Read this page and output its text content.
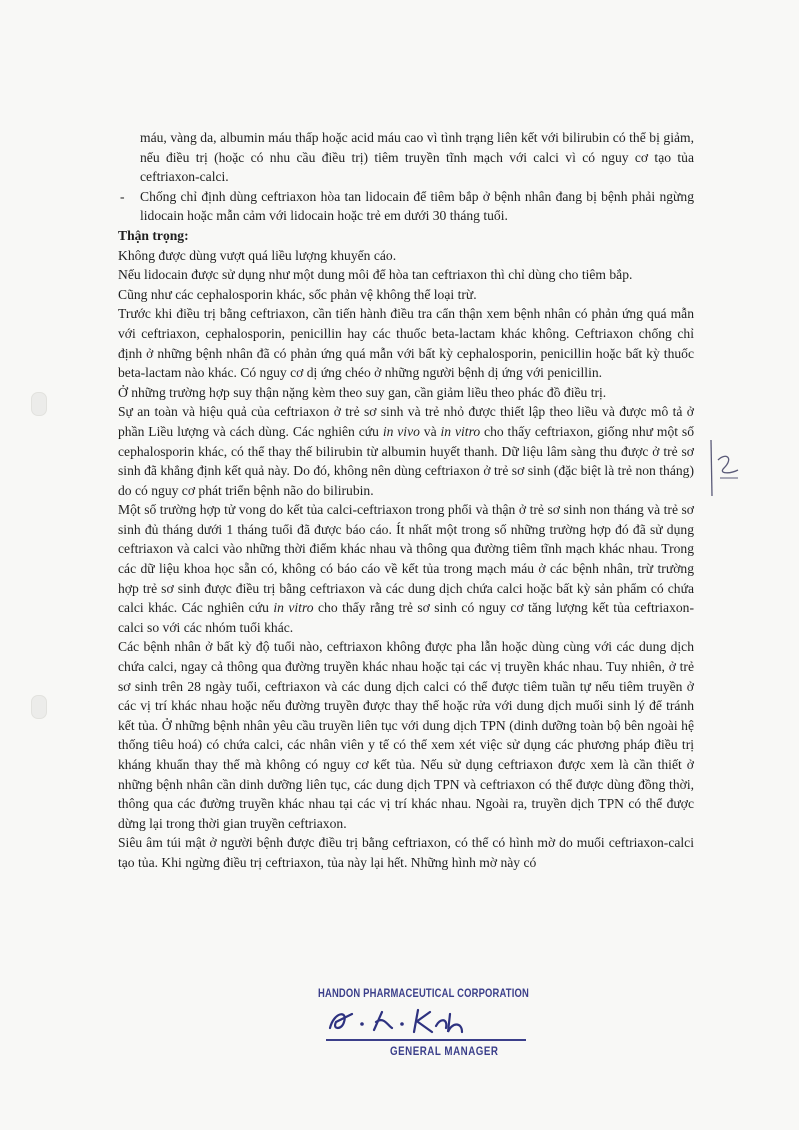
máu, vàng da, albumin máu thấp hoặc acid máu cao vì tình trạng liên kết với bilirubin có thể bị giảm, nếu điều trị (hoặc có nhu cầu điều trị) tiêm truyền tĩnh mạch với calci vì có nguy cơ tạo tủa ceftriaxon-calci.

- Chống chỉ định dùng ceftriaxon hòa tan lidocain để tiêm bắp ở bệnh nhân đang bị bệnh phải ngừng lidocain hoặc mẫn cảm với lidocain hoặc trẻ em dưới 30 tháng tuổi.

Thận trọng:

Không được dùng vượt quá liều lượng khuyến cáo.

Nếu lidocain được sử dụng như một dung môi để hòa tan ceftriaxon thì chỉ dùng cho tiêm bắp.

Cũng như các cephalosporin khác, sốc phản vệ không thể loại trừ.

Trước khi điều trị bằng ceftriaxon, cần tiến hành điều tra cẩn thận xem bệnh nhân có phản ứng quá mẫn với ceftriaxon, cephalosporin, penicillin hay các thuốc beta-lactam khác không. Ceftriaxon chống chỉ định ở những bệnh nhân đã có phản ứng quá mẫn với bất kỳ cephalosporin, penicillin hoặc bất kỳ thuốc beta-lactam nào khác. Có nguy cơ dị ứng chéo ở những người bệnh dị ứng với penicillin.

Ở những trường hợp suy thận nặng kèm theo suy gan, cần giảm liều theo phác đồ điều trị.

Sự an toàn và hiệu quả của ceftriaxon ở trẻ sơ sinh và trẻ nhỏ được thiết lập theo liều và được mô tả ở phần Liều lượng và cách dùng. Các nghiên cứu in vivo và in vitro cho thấy ceftriaxon, giống như một số cephalosporin khác, có thể thay thế bilirubin từ albumin huyết thanh. Dữ liệu lâm sàng thu được ở trẻ sơ sinh đã khẳng định kết quả này. Do đó, không nên dùng ceftriaxon ở trẻ sơ sinh (đặc biệt là trẻ non tháng) do có nguy cơ phát triển bệnh não do bilirubin.

Một số trường hợp tử vong do kết tủa calci-ceftriaxon trong phổi và thận ở trẻ sơ sinh non tháng và trẻ sơ sinh đủ tháng dưới 1 tháng tuổi đã được báo cáo. Ít nhất một trong số những trường hợp đó đã sử dụng ceftriaxon và calci vào những thời điểm khác nhau và thông qua đường tiêm tĩnh mạch khác nhau. Trong các dữ liệu khoa học sẵn có, không có báo cáo về kết tủa trong mạch máu ở các bệnh nhân, trừ trường hợp trẻ sơ sinh được điều trị bằng ceftriaxon và các dung dịch chứa calci hoặc bất kỳ sản phẩm có chứa calci khác. Các nghiên cứu in vitro cho thấy rằng trẻ sơ sinh có nguy cơ tăng lượng kết tủa ceftriaxon-calci so với các nhóm tuổi khác.

Các bệnh nhân ở bất kỳ độ tuổi nào, ceftriaxon không được pha lẫn hoặc dùng cùng với các dung dịch chứa calci, ngay cả thông qua đường truyền khác nhau hoặc tại các vị truyền khác nhau. Tuy nhiên, ở trẻ sơ sinh trên 28 ngày tuổi, ceftriaxon và các dung dịch calci có thể được tiêm tuần tự nếu tiêm truyền ở các vị trí khác nhau hoặc nếu đường truyền được thay thế hoặc rửa với dung dịch muối sinh lý để tránh kết tủa. Ở những bệnh nhân yêu cầu truyền liên tục với dung dịch TPN (dinh dưỡng toàn bộ bên ngoài hệ thống tiêu hoá) có chứa calci, các nhân viên y tế có thể xem xét việc sử dụng các phương pháp điều trị kháng khuẩn thay thế mà không có nguy cơ kết tủa. Nếu sử dụng ceftriaxon được xem là cần thiết ở những bệnh nhân cần dinh dưỡng liên tục, các dung dịch TPN và ceftriaxon có thể được dùng đồng thời, thông qua các đường truyền khác nhau tại các vị trí khác nhau. Ngoài ra, truyền dịch TPN có thể được dừng lại trong thời gian truyền ceftriaxon.

Siêu âm túi mật ở người bệnh được điều trị bằng ceftriaxon, có thể có hình mờ do muối ceftriaxon-calci tạo tủa. Khi ngừng điều trị ceftriaxon, tủa này lại hết. Những hình mờ này có

HANDON PHARMACEUTICAL CORPORATION
GENERAL MANAGER
